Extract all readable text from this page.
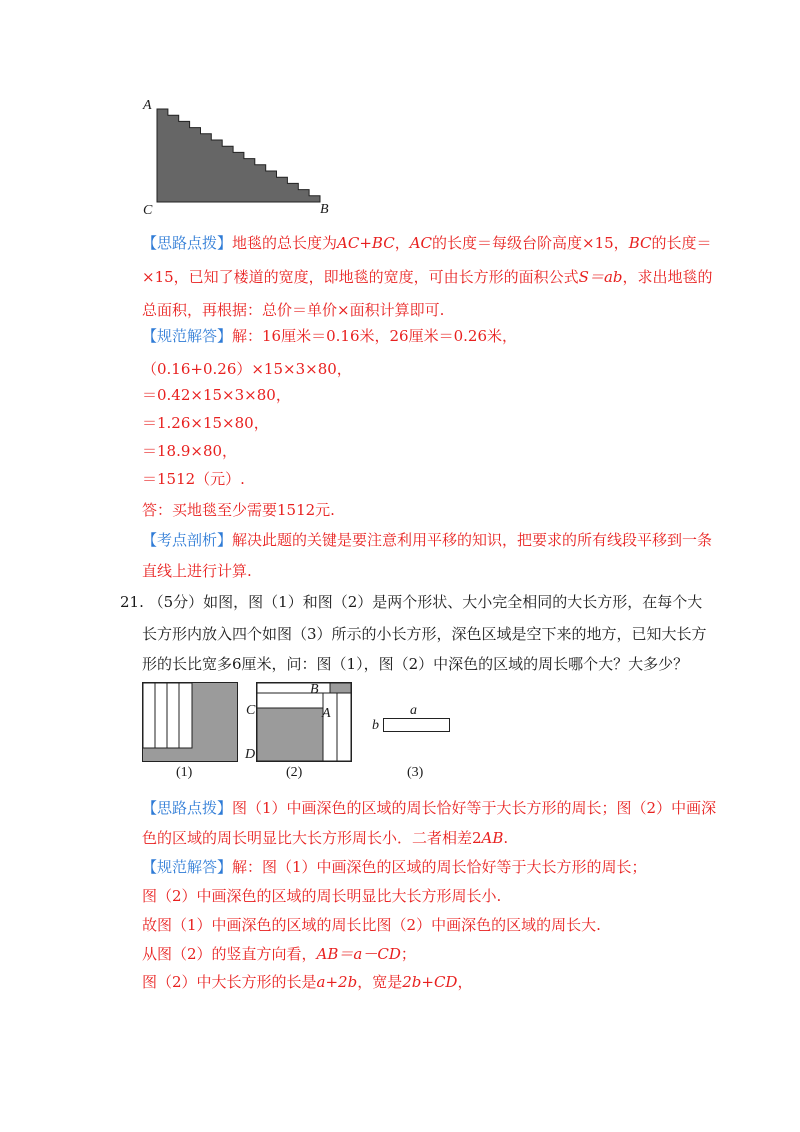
A
C	B
【思路点拨】地毯的总长度为AC+BC，AC的长度＝每级台阶高度×15，BC的长度＝
×15，已知了楼道的宽度，即地毯的宽度，可由长方形的面积公式S＝ab，求出地毯的
总面积，再根据：总价＝单价×面积计算即可.
【规范解答】解：16厘米＝0.16米，26厘米＝0.26米，
（0.16+0.26）×15×3×80，
＝0.42×15×3×80，
＝1.26×15×80，
＝18.9×80，
＝1512（元）.
答：买地毯至少需要1512元.
【考点剖析】解决此题的关键是要注意利用平移的知识，把要求的所有线段平移到一条
直线上进行计算.
21. （5分）如图，图（1）和图（2）是两个形状、大小完全相同的大长方形，在每个大
长方形内放入四个如图（3）所示的小长方形，深色区域是空下来的地方，已知大长方
形的长比宽多6厘米，问：图（1），图（2）中深色的区域的周长哪个大？大多少？
B
C	A
D
a
b
(1)	(2)	(3)
【思路点拨】图（1）中画深色的区域的周长恰好等于大长方形的周长；图（2）中画深
色的区域的周长明显比大长方形周长小．二者相差2AB.
【规范解答】解：图（1）中画深色的区域的周长恰好等于大长方形的周长；
图（2）中画深色的区域的周长明显比大长方形周长小.
故图（1）中画深色的区域的周长比图（2）中画深色的区域的周长大.
从图（2）的竖直方向看，AB＝a－CD；
图（2）中大长方形的长是a+2b，宽是2b+CD，
